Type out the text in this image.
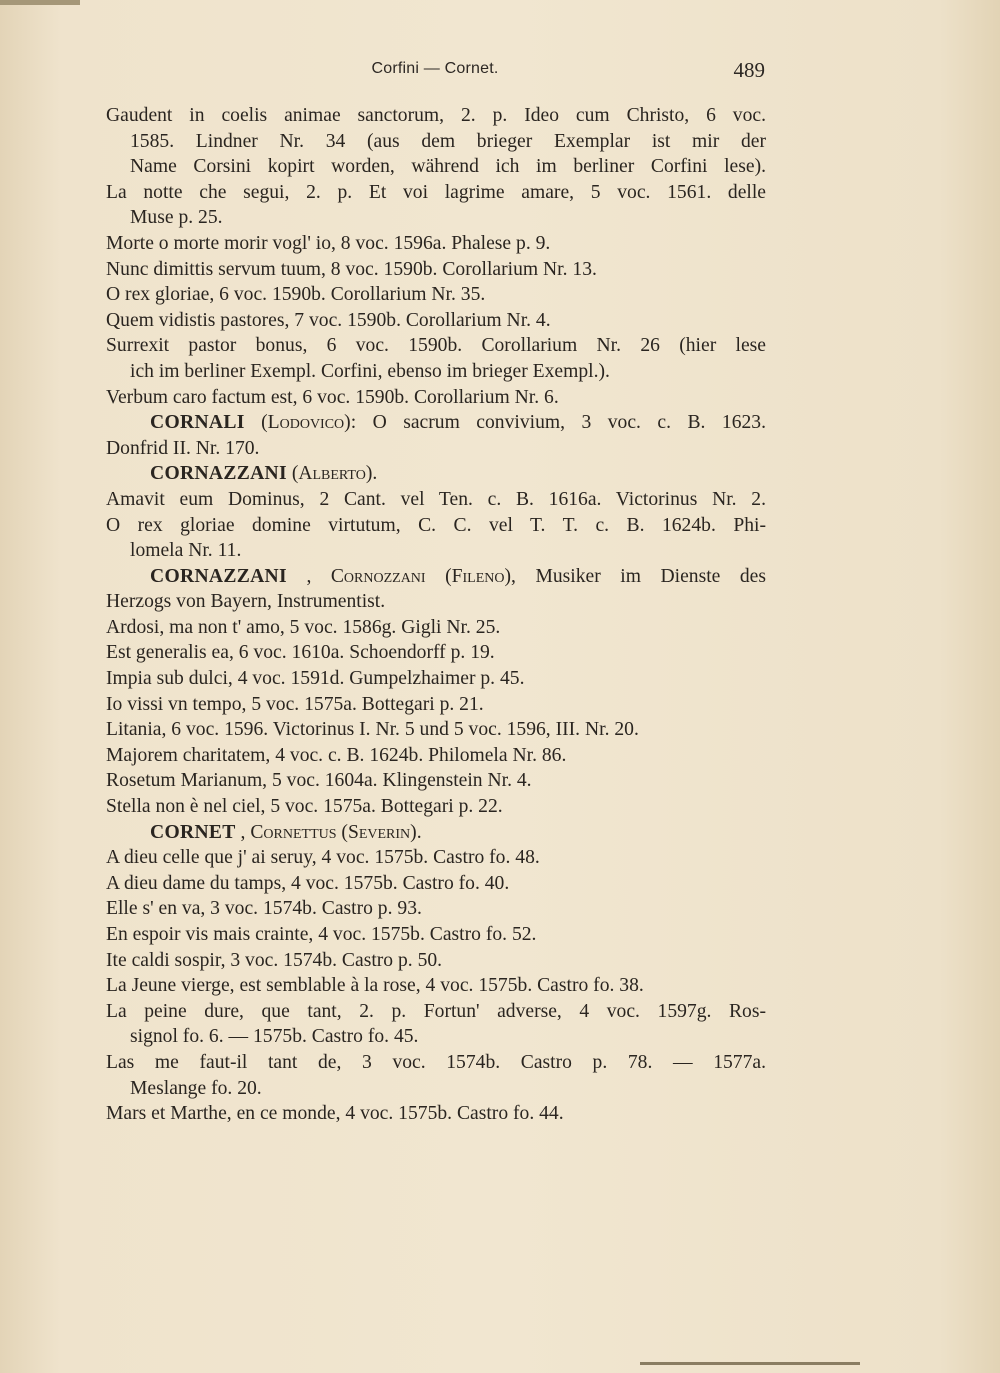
Corfini — Cornet.	489
Gaudent in coelis animae sanctorum, 2. p. Ideo cum Christo, 6 voc.
1585. Lindner Nr. 34 (aus dem brieger Exemplar ist mir der
Name Corsini kopirt worden, während ich im berliner Corfini lese).
La notte che segui, 2. p. Et voi lagrime amare, 5 voc. 1561. delle
Muse p. 25.
Morte o morte morir vogl' io, 8 voc. 1596a. Phalese p. 9.
Nunc dimittis servum tuum, 8 voc. 1590b. Corollarium Nr. 13.
O rex gloriae, 6 voc. 1590b. Corollarium Nr. 35.
Quem vidistis pastores, 7 voc. 1590b. Corollarium Nr. 4.
Surrexit pastor bonus, 6 voc. 1590b. Corollarium Nr. 26 (hier lese
ich im berliner Exempl. Corfini, ebenso im brieger Exempl.).
Verbum caro factum est, 6 voc. 1590b. Corollarium Nr. 6.
CORNALI (Lodovico): O sacrum convivium, 3 voc. c. B. 1623.
Donfrid II. Nr. 170.
CORNAZZANI (Alberto).
Amavit eum Dominus, 2 Cant. vel Ten. c. B. 1616a. Victorinus Nr. 2.
O rex gloriae domine virtutum, C. C. vel T. T. c. B. 1624b. Phi-
lomela Nr. 11.
CORNAZZANI , Cornozzani (Fileno), Musiker im Dienste des
Herzogs von Bayern, Instrumentist.
Ardosi, ma non t' amo, 5 voc. 1586g. Gigli Nr. 25.
Est generalis ea, 6 voc. 1610a. Schoendorff p. 19.
Impia sub dulci, 4 voc. 1591d. Gumpelzhaimer p. 45.
Io vissi vn tempo, 5 voc. 1575a. Bottegari p. 21.
Litania, 6 voc. 1596. Victorinus I. Nr. 5 und 5 voc. 1596, III. Nr. 20.
Majorem charitatem, 4 voc. c. B. 1624b. Philomela Nr. 86.
Rosetum Marianum, 5 voc. 1604a. Klingenstein Nr. 4.
Stella non è nel ciel, 5 voc. 1575a. Bottegari p. 22.
CORNET , Cornettus (Severin).
A dieu celle que j' ai seruy, 4 voc. 1575b. Castro fo. 48.
A dieu dame du tamps, 4 voc. 1575b. Castro fo. 40.
Elle s' en va, 3 voc. 1574b. Castro p. 93.
En espoir vis mais crainte, 4 voc. 1575b. Castro fo. 52.
Ite caldi sospir, 3 voc. 1574b. Castro p. 50.
La Jeune vierge, est semblable à la rose, 4 voc. 1575b. Castro fo. 38.
La peine dure, que tant, 2. p. Fortun' adverse, 4 voc. 1597g. Ros-
signol fo. 6. — 1575b. Castro fo. 45.
Las me faut-il tant de, 3 voc. 1574b. Castro p. 78. — 1577a.
Meslange fo. 20.
Mars et Marthe, en ce monde, 4 voc. 1575b. Castro fo. 44.
